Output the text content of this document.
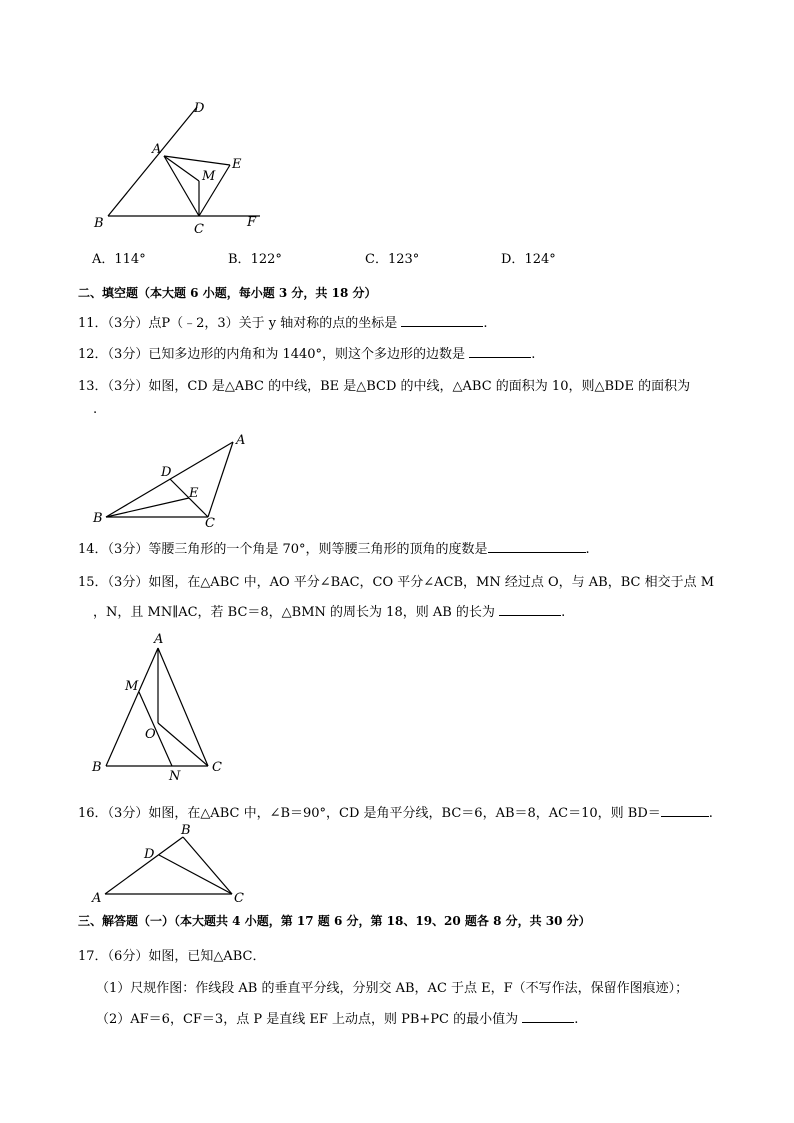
D
A
E
M
B	C	F
A．114°	B．122°	C．123°	D．124°
二、填空题（本大题 6 小题，每小题 3 分，共 18 分）
11．（3分）点P（﹣2，3）关于 y 轴对称的点的坐标是	.
12．（3分）已知多边形的内角和为 1440°，则这个多边形的边数是	.
13．（3分）如图，CD 是△ABC 的中线，BE 是△BCD 的中线，△ABC 的面积为 10，则△BDE 的面积为
.
A
D
E
B	C
14．（3分）等腰三角形的一个角是 70°，则等腰三角形的顶角的度数是	.
15．（3分）如图，在△ABC 中，AO 平分∠BAC，CO 平分∠ACB，MN 经过点 O，与 AB，BC 相交于点 M
，N，且 MN∥AC，若 BC＝8，△BMN 的周长为 18，则 AB 的长为	.
A
M
O
B
N
C
16．（3分）如图，在△ABC 中，∠B＝90°，CD 是角平分线，BC＝6，AB＝8，AC＝10，则 BD＝	.
B
D
A	C
三、解答题（一）（本大题共 4 小题，第 17 题 6 分，第 18、19、20 题各 8 分，共 30 分）
17．（6分）如图，已知△ABC．
（1）尺规作图：作线段 AB 的垂直平分线，分别交 AB，AC 于点 E，F（不写作法，保留作图痕迹）；
（2）AF＝6，CF＝3，点 P 是直线 EF 上动点，则 PB+PC 的最小值为	.
